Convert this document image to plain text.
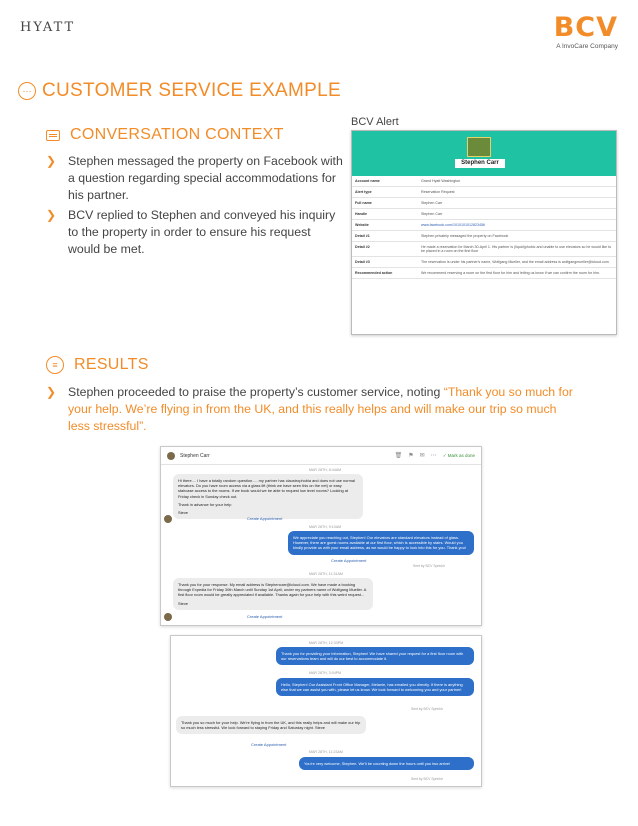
HYATT	BCV
A InvoCare Company
⋯ CUSTOMER SERVICE EXAMPLE
CONVERSATION CONTEXT
❯ Stephen messaged the property on Facebook with a question regarding special accommodations for his partner.
❯ BCV replied to Stephen and conveyed his inquiry to the property in order to ensure his request would be met.
BCV Alert
Stephen Carr
Account name	Grand Hyatt Washington
Alert type	Reservation Request
Full name	Stephen Carr
Handle	Stephen Carr
Website	www.facebook.com/1010101012823456
Detail #1	Stephen privately messaged the property on Facebook
Detail #2	He made a reservation for March 30-April 1. His partner is (liquid)phobic and unable to use elevators so he would like to be placed in a room on the first floor
Detail #3	The reservation is under his partner's name, Wolfgang Mueller, and the email address is wolfgangmueller@icloud.com
Recommended action	We recommend reserving a room on the first floor for him and letting us know if we can confirm the room for him.
≡	RESULTS
❯ Stephen proceeded to praise the property’s customer service, noting “Thank you so much for your help. We’re flying in from the UK, and this really helps and will make our trip so much less stressful”.
Stephen Carr	🗑 ⚑ ✉ ⋯ ✓ Mark as done
MAR 28TH, 8:44AM
Hi there.... I have a totally random question..... my partner has claustrophobia and does not use normal elevators. Do you have room access via a glass lift (think we have seen this on the net) or easy staircase access to the rooms. If we book would we be able to request low level rooms? Looking at Friday check in Sunday check out.
Thank in advance for your help
Steve
Create Appointment
MAR 28TH, 9:10AM
We appreciate you reaching out, Stephen! Our elevators are standard elevators instead of glass. However, there are guest rooms available at our first floor, which is accessible by stairs. Would you kindly provide us with your email address, as we would be happy to look into this for you. Thank you!
Create Appointment
Sent by BCV Sprinklr
MAR 28TH, 11:31AM
Thank you for your response. My email address is Stephencarr@icloud.com. We have made a booking through Expedia for Friday 30th March until Sunday 1st April, under my partners name of Wolfgang Mueller. A first floor room would be greatly appreciated if available. Thanks again for your help with this weird request...
Steve
Create Appointment
MAR 28TH, 12:33PM
Thank you for providing your information, Stephen! We have shared your request for a first floor room with our reservations team and will do our best to accommodate it.
MAR 28TH, 3:04PM
Hello, Stephen! Our Assistant Front Office Manager, Melanie, has emailed you directly. If there is anything else that we can assist you with, please let us know. We look forward to welcoming you and your partner!
Sent by BCV Sprinklr
Thank you so much for your help. We're flying in from the UK, and this really helps and will make our trip so much less stressful. We look forward to staying Friday and Saturday night. Steve
Create Appointment
MAR 28TH, 11:23AM
You're very welcome, Stephen. We'll be counting down the hours until you two arrive!
Sent by BCV Sprinklr
